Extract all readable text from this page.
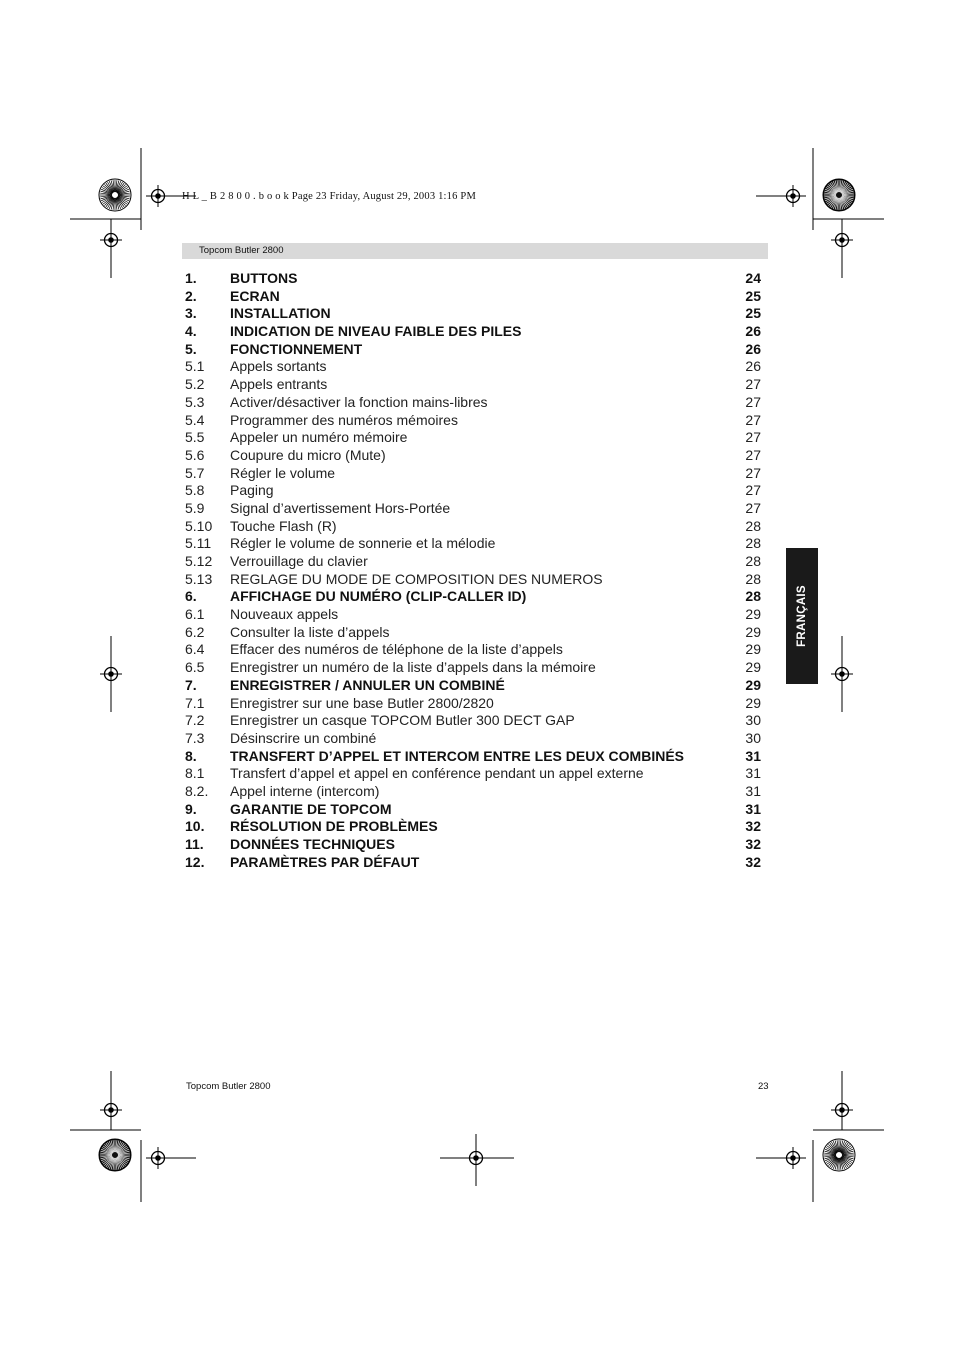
H L _ B 2 8 0 0 . b o o k Page 23 Friday, August 29, 2003 1:16 PM
Topcom Butler 2800
1. BUTTONS	24
2. ECRAN	25
3. INSTALLATION	25
4. INDICATION DE NIVEAU FAIBLE DES PILES	26
5. FONCTIONNEMENT	26
5.1 Appels sortants	26
5.2 Appels entrants	27
5.3 Activer/désactiver la fonction mains-libres	27
5.4 Programmer des numéros mémoires	27
5.5 Appeler un numéro mémoire	27
5.6 Coupure du micro (Mute)	27
5.7 Régler le volume	27
5.8 Paging	27
5.9 Signal d’avertissement Hors-Portée	27
5.10 Touche Flash (R)	28
5.11 Régler le volume de sonnerie et la mélodie	28
5.12 Verrouillage du clavier	28
5.13 REGLAGE DU MODE DE COMPOSITION DES NUMEROS	28
6. AFFICHAGE DU NUMÉRO (CLIP-CALLER ID)	28
6.1 Nouveaux appels	29
6.2 Consulter la liste d’appels	29
6.4 Effacer des numéros de téléphone de la liste d’appels	29
6.5 Enregistrer un numéro de la liste d’appels dans la mémoire	29
7. ENREGISTRER / ANNULER UN COMBINÉ	29
7.1 Enregistrer sur une base Butler 2800/2820	29
7.2 Enregistrer un casque TOPCOM Butler 300 DECT GAP	30
7.3 Désinscrire un combiné	30
8. TRANSFERT D’APPEL ET INTERCOM ENTRE LES DEUX COMBINÉS	31
8.1 Transfert d’appel et appel en conférence pendant un appel externe	31
8.2. Appel interne (intercom)	31
9. GARANTIE DE TOPCOM	31
10. RÉSOLUTION DE PROBLÈMES	32
11. DONNÉES TECHNIQUES	32
12. PARAMÈTRES PAR DÉFAUT	32
FRANÇAIS
Topcom Butler 2800	23
